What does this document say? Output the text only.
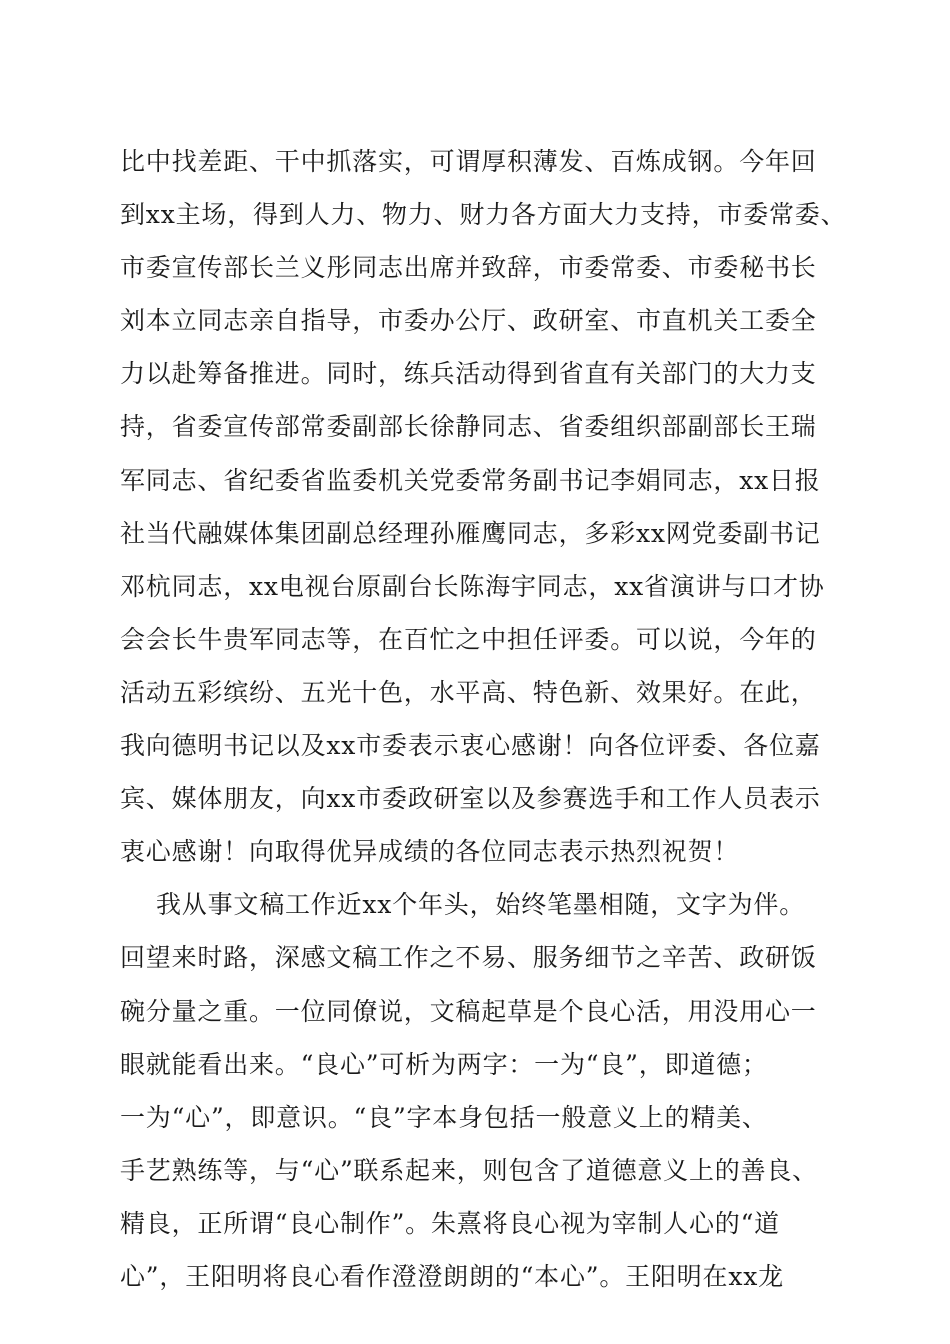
比中找差距、干中抓落实，可谓厚积薄发、百炼成钢。今年回
到xx主场，得到人力、物力、财力各方面大力支持，市委常委、
市委宣传部长兰义彤同志出席并致辞，市委常委、市委秘书长
刘本立同志亲自指导，市委办公厅、政研室、市直机关工委全
力以赴筹备推进。同时，练兵活动得到省直有关部门的大力支
持，省委宣传部常委副部长徐静同志、省委组织部副部长王瑞
军同志、省纪委省监委机关党委常务副书记李娟同志，xx日报
社当代融媒体集团副总经理孙雁鹰同志，多彩xx网党委副书记
邓杭同志，xx电视台原副台长陈海宇同志，xx省演讲与口才协
会会长牛贵军同志等，在百忙之中担任评委。可以说，今年的
活动五彩缤纷、五光十色，水平高、特色新、效果好。在此，
我向德明书记以及xx市委表示衷心感谢！向各位评委、各位嘉
宾、媒体朋友，向xx市委政研室以及参赛选手和工作人员表示
衷心感谢！向取得优异成绩的各位同志表示热烈祝贺！
我从事文稿工作近xx个年头，始终笔墨相随，文字为伴。
回望来时路，深感文稿工作之不易、服务细节之辛苦、政研饭
碗分量之重。一位同僚说，文稿起草是个良心活，用没用心一
眼就能看出来。“良心”可析为两字：一为“良”，即道德；
一为“心”，即意识。“良”字本身包括一般意义上的精美、
手艺熟练等，与“心”联系起来，则包含了道德意义上的善良、
精良，正所谓“良心制作”。朱熹将良心视为宰制人心的“道
心”，王阳明将良心看作澄澄朗朗的“本心”。王阳明在xx龙
